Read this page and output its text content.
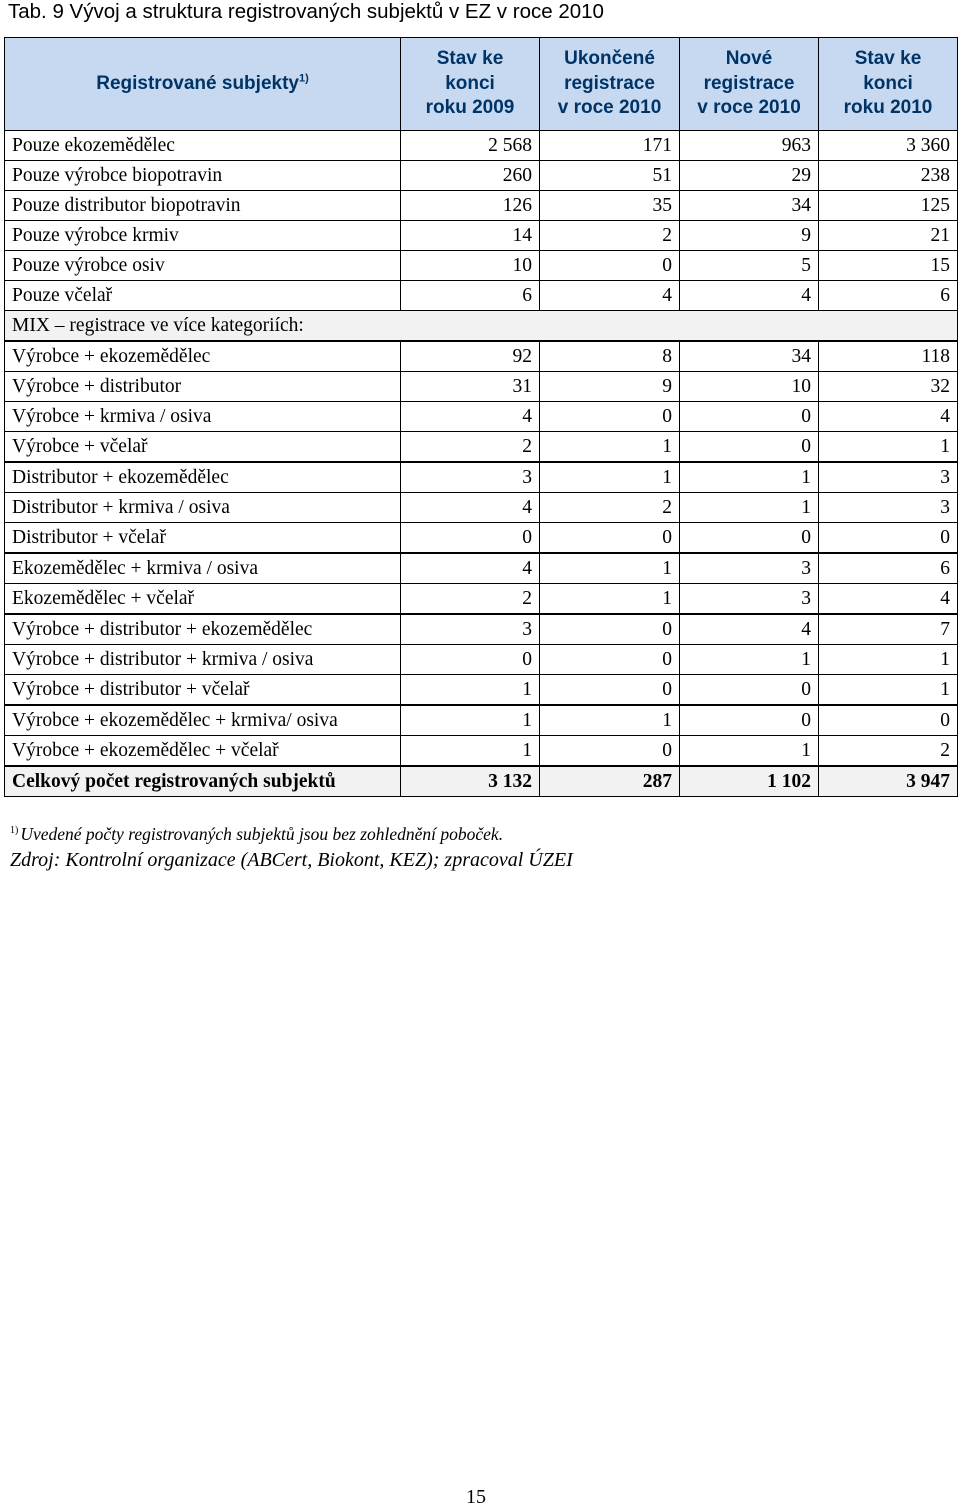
Tab. 9 Vývoj a struktura registrovaných subjektů v EZ v roce 2010
Registrované subjekty$^{1)}$	Stav ke
konci
roku 2009	Ukončené
registrace
v roce 2010	Nové
registrace
v roce 2010	Stav ke
konci
roku 2010

Pouze ekozemědělec	2 568	171	963	3 360
Pouze výrobce biopotravin	260	51	29	238
Pouze distributor biopotravin	126	35	34	125
Pouze výrobce krmiv	14	2	9	21
Pouze výrobce osiv	10	0	5	15
Pouze včelař	6	4	4	6
MIX – registrace ve více kategoriích:				
Výrobce + ekozemědělec	92	8	34	118
Výrobce + distributor	31	9	10	32
Výrobce + krmiva / osiva	4	0	0	4
Výrobce + včelař	2	1	0	1
Distributor + ekozemědělec	3	1	1	3
Distributor + krmiva / osiva	4	2	1	3
Distributor + včelař	0	0	0	0
Ekozemědělec + krmiva / osiva	4	1	3	6
Ekozemědělec + včelař	2	1	3	4
Výrobce + distributor + ekozemědělec	3	0	4	7
Výrobce + distributor + krmiva / osiva	0	0	1	1
Výrobce + distributor + včelař	1	0	0	1
Výrobce + ekozemědělec + krmiva/ osiva	1	1	0	0
Výrobce + ekozemědělec + včelař	1	0	1	2
Celkový počet registrovaných subjektů	3 132	287	1 102	3 947
$^{1)}$ Uvedené počty registrovaných subjektů jsou bez zohlednění poboček.
Zdroj: Kontrolní organizace (ABCert, Biokont, KEZ); zpracoval ÚZEI
15
